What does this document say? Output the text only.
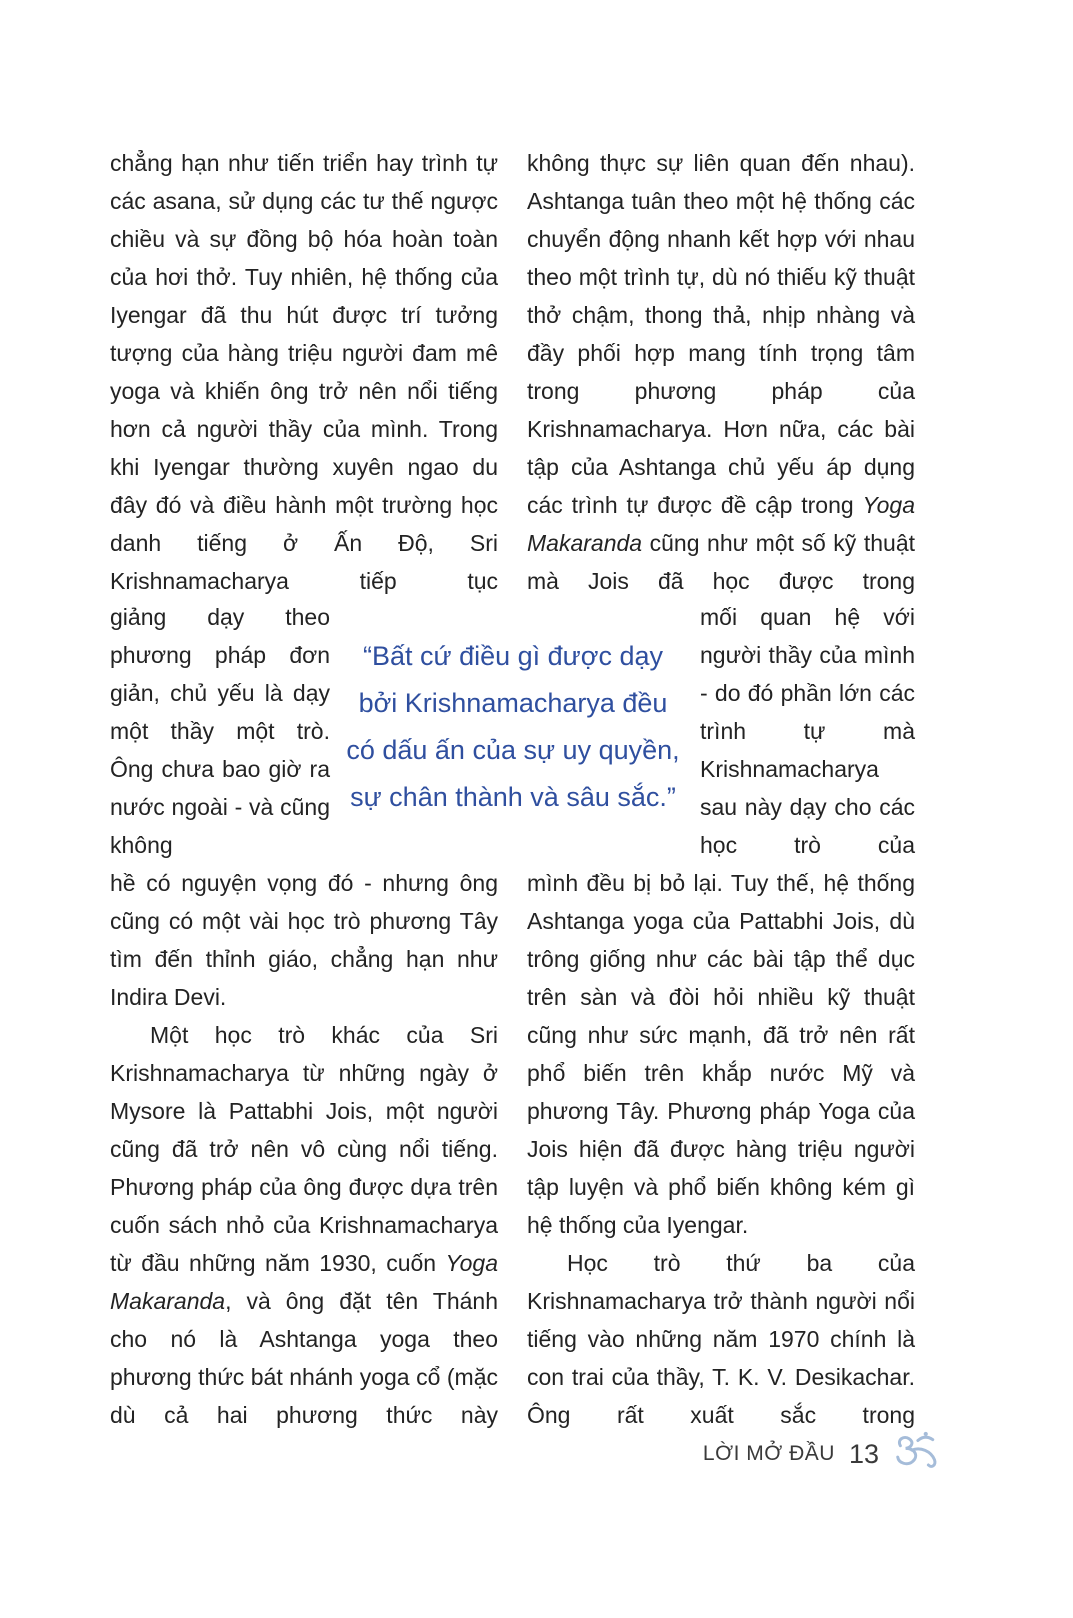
chẳng hạn như tiến triển hay trình tự các asana, sử dụng các tư thế ngược chiều và sự đồng bộ hóa hoàn toàn của hơi thở. Tuy nhiên, hệ thống của Iyengar đã thu hút được trí tưởng tượng của hàng triệu người đam mê yoga và khiến ông trở nên nổi tiếng hơn cả người thầy của mình. Trong khi Iyengar thường xuyên ngao du đây đó và điều hành một trường học danh tiếng ở Ấn Độ, Sri Krishnamacharya tiếp tục
không thực sự liên quan đến nhau). Ashtanga tuân theo một hệ thống các chuyển động nhanh kết hợp với nhau theo một trình tự, dù nó thiếu kỹ thuật thở chậm, thong thả, nhịp nhàng và đầy phối hợp mang tính trọng tâm trong phương pháp của Krishnamacharya. Hơn nữa, các bài tập của Ashtanga chủ yếu áp dụng các trình tự được đề cập trong Yoga Makaranda cũng như một số kỹ thuật mà Jois đã học được trong
giảng dạy theo phương pháp đơn giản, chủ yếu là dạy một thầy một trò. Ông chưa bao giờ ra nước ngoài - và cũng không
“Bất cứ điều gì được dạy
bởi Krishnamacharya đều
có dấu ấn của sự uy quyền,
sự chân thành và sâu sắc.”
mối quan hệ với người thầy của mình - do đó phần lớn các trình tự mà Krishnamacharya sau này dạy cho các học trò của

hề có nguyện vọng đó - nhưng ông cũng có một vài học trò phương Tây tìm đến thỉnh giáo, chẳng hạn như Indira Devi.

Một học trò khác của Sri Krishnamacharya từ những ngày ở Mysore là Pattabhi Jois, một người cũng đã trở nên vô cùng nổi tiếng. Phương pháp của ông được dựa trên cuốn sách nhỏ của Krishnamacharya từ đầu những năm 1930, cuốn Yoga Makaranda, và ông đặt tên Thánh cho nó là Ashtanga yoga theo phương thức bát nhánh yoga cổ (mặc dù cả hai phương thức này

mình đều bị bỏ lại. Tuy thế, hệ thống Ashtanga yoga của Pattabhi Jois, dù trông giống như các bài tập thể dục trên sàn và đòi hỏi nhiều kỹ thuật cũng như sức mạnh, đã trở nên rất phổ biến trên khắp nước Mỹ và phương Tây. Phương pháp Yoga của Jois hiện đã được hàng triệu người tập luyện và phổ biến không kém gì hệ thống của Iyengar.

Học trò thứ ba của Krishnamacharya trở thành người nổi tiếng vào những năm 1970 chính là con trai của thầy, T. K. V. Desikachar. Ông rất xuất sắc trong

LỜI MỞ ĐẦU 13
